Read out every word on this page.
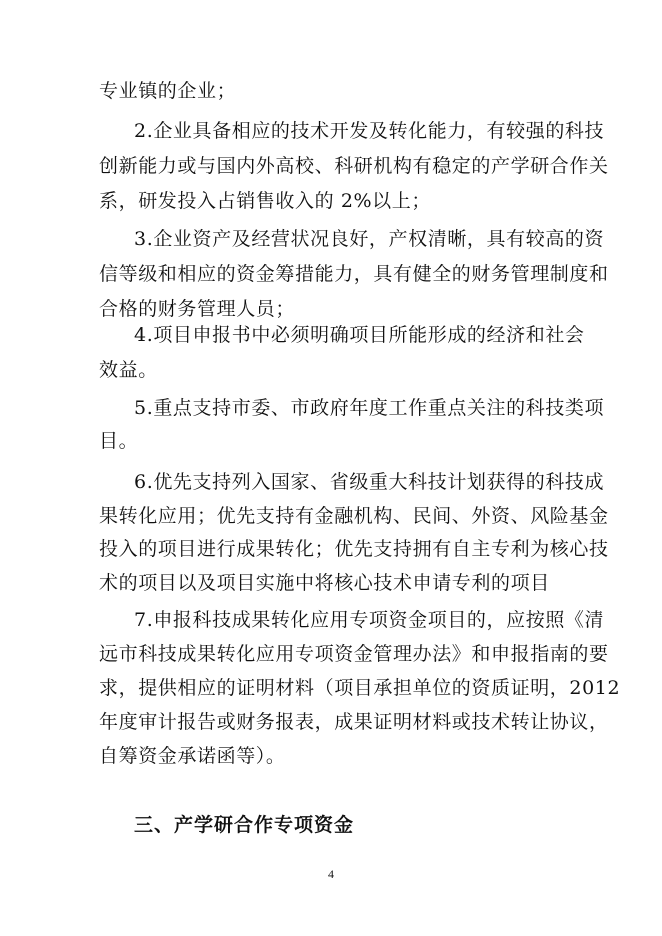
专业镇的企业；
2.企业具备相应的技术开发及转化能力，有较强的科技
创新能力或与国内外高校、科研机构有稳定的产学研合作关
系，研发投入占销售收入的 2%以上；
3.企业资产及经营状况良好，产权清晰，具有较高的资
信等级和相应的资金筹措能力，具有健全的财务管理制度和
合格的财务管理人员；
4.项目申报书中必须明确项目所能形成的经济和社会
效益。
5.重点支持市委、市政府年度工作重点关注的科技类项
目。
6.优先支持列入国家、省级重大科技计划获得的科技成
果转化应用；优先支持有金融机构、民间、外资、风险基金
投入的项目进行成果转化；优先支持拥有自主专利为核心技
术的项目以及项目实施中将核心技术申请专利的项目
7.申报科技成果转化应用专项资金项目的，应按照《清
远市科技成果转化应用专项资金管理办法》和申报指南的要
求，提供相应的证明材料（项目承担单位的资质证明，2012
年度审计报告或财务报表，成果证明材料或技术转让协议，
自筹资金承诺函等）。
三、产学研合作专项资金
4
